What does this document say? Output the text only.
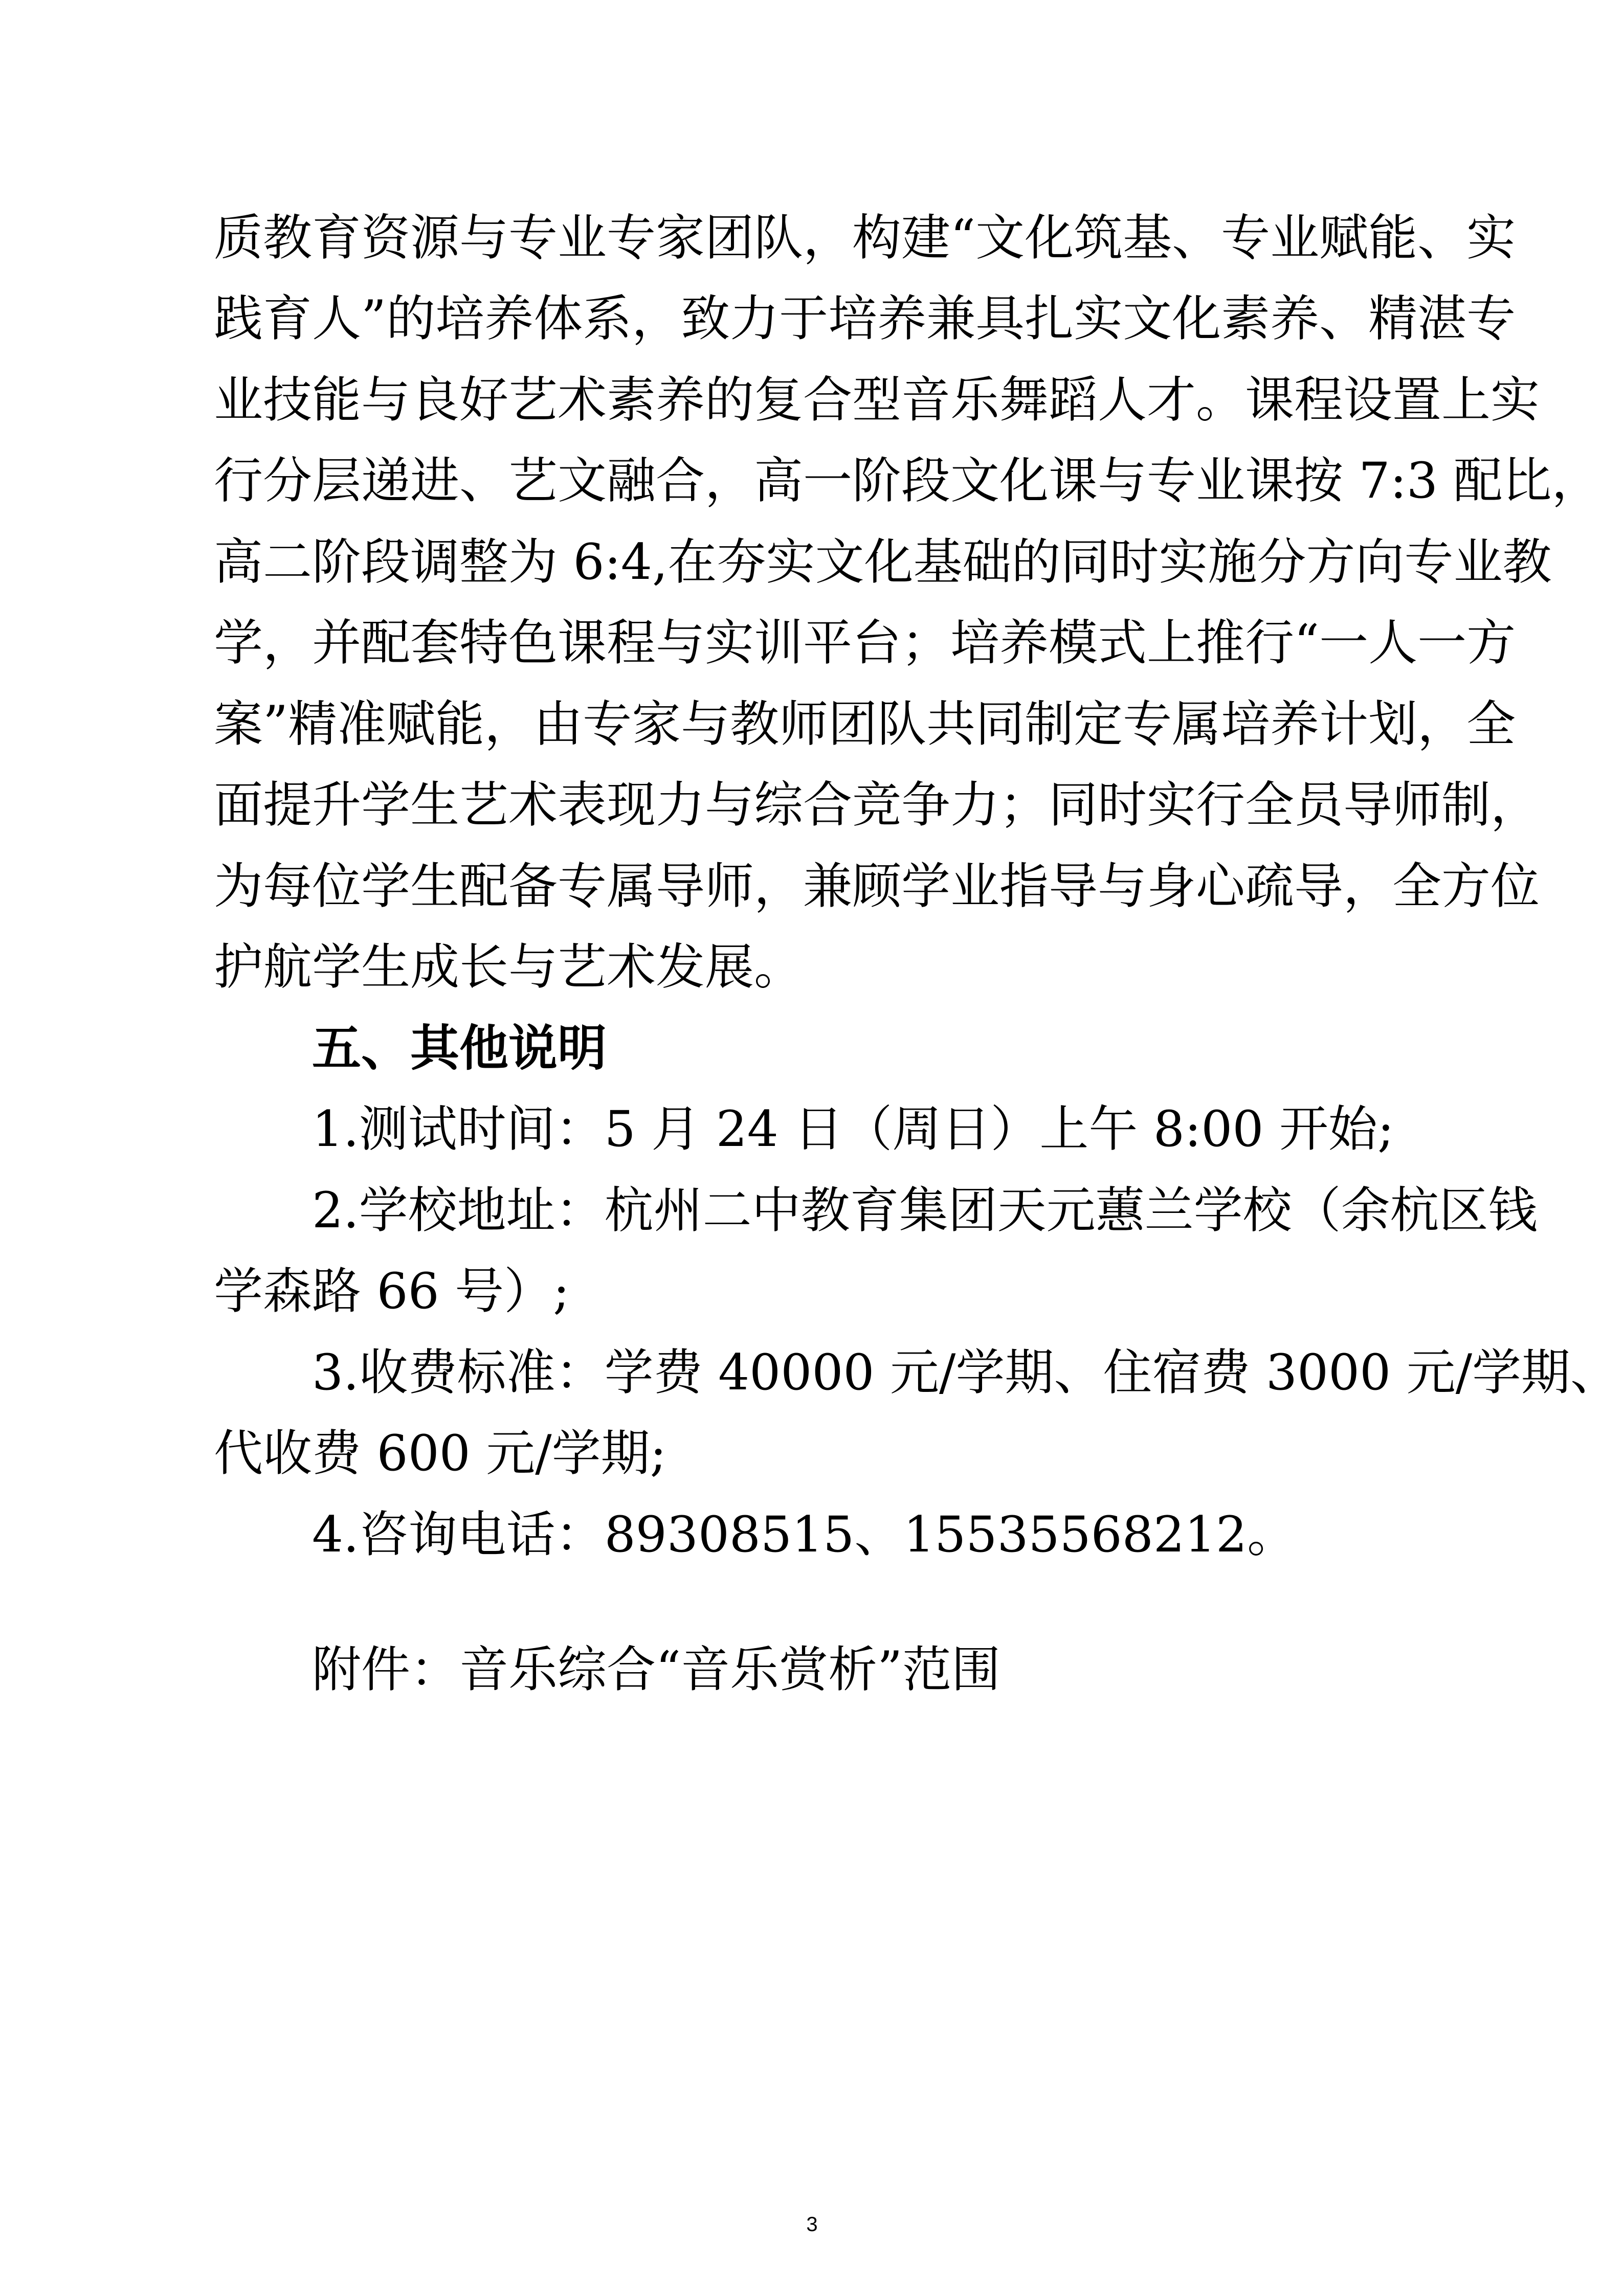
质教育资源与专业专家团队，构建“文化筑基、专业赋能、实
践育人”的培养体系，致力于培养兼具扎实文化素养、精湛专
业技能与良好艺术素养的复合型音乐舞蹈人才。课程设置上实
行分层递进、艺文融合，高一阶段文化课与专业课按 7:3 配比，
高二阶段调整为 6:4,在夯实文化基础的同时实施分方向专业教
学，并配套特色课程与实训平台；培养模式上推行“一人一方
案”精准赋能，由专家与教师团队共同制定专属培养计划，全
面提升学生艺术表现力与综合竞争力；同时实行全员导师制，
为每位学生配备专属导师，兼顾学业指导与身心疏导，全方位
护航学生成长与艺术发展。
五、其他说明
1.测试时间：5 月 24 日（周日）上午 8:00 开始;
2.学校地址：杭州二中教育集团天元蕙兰学校（余杭区钱
学森路 66 号）;
3.收费标准：学费 40000 元/学期、住宿费 3000 元/学期、
代收费 600 元/学期;
4.咨询电话：89308515、15535568212。
附件：音乐综合“音乐赏析”范围
3
